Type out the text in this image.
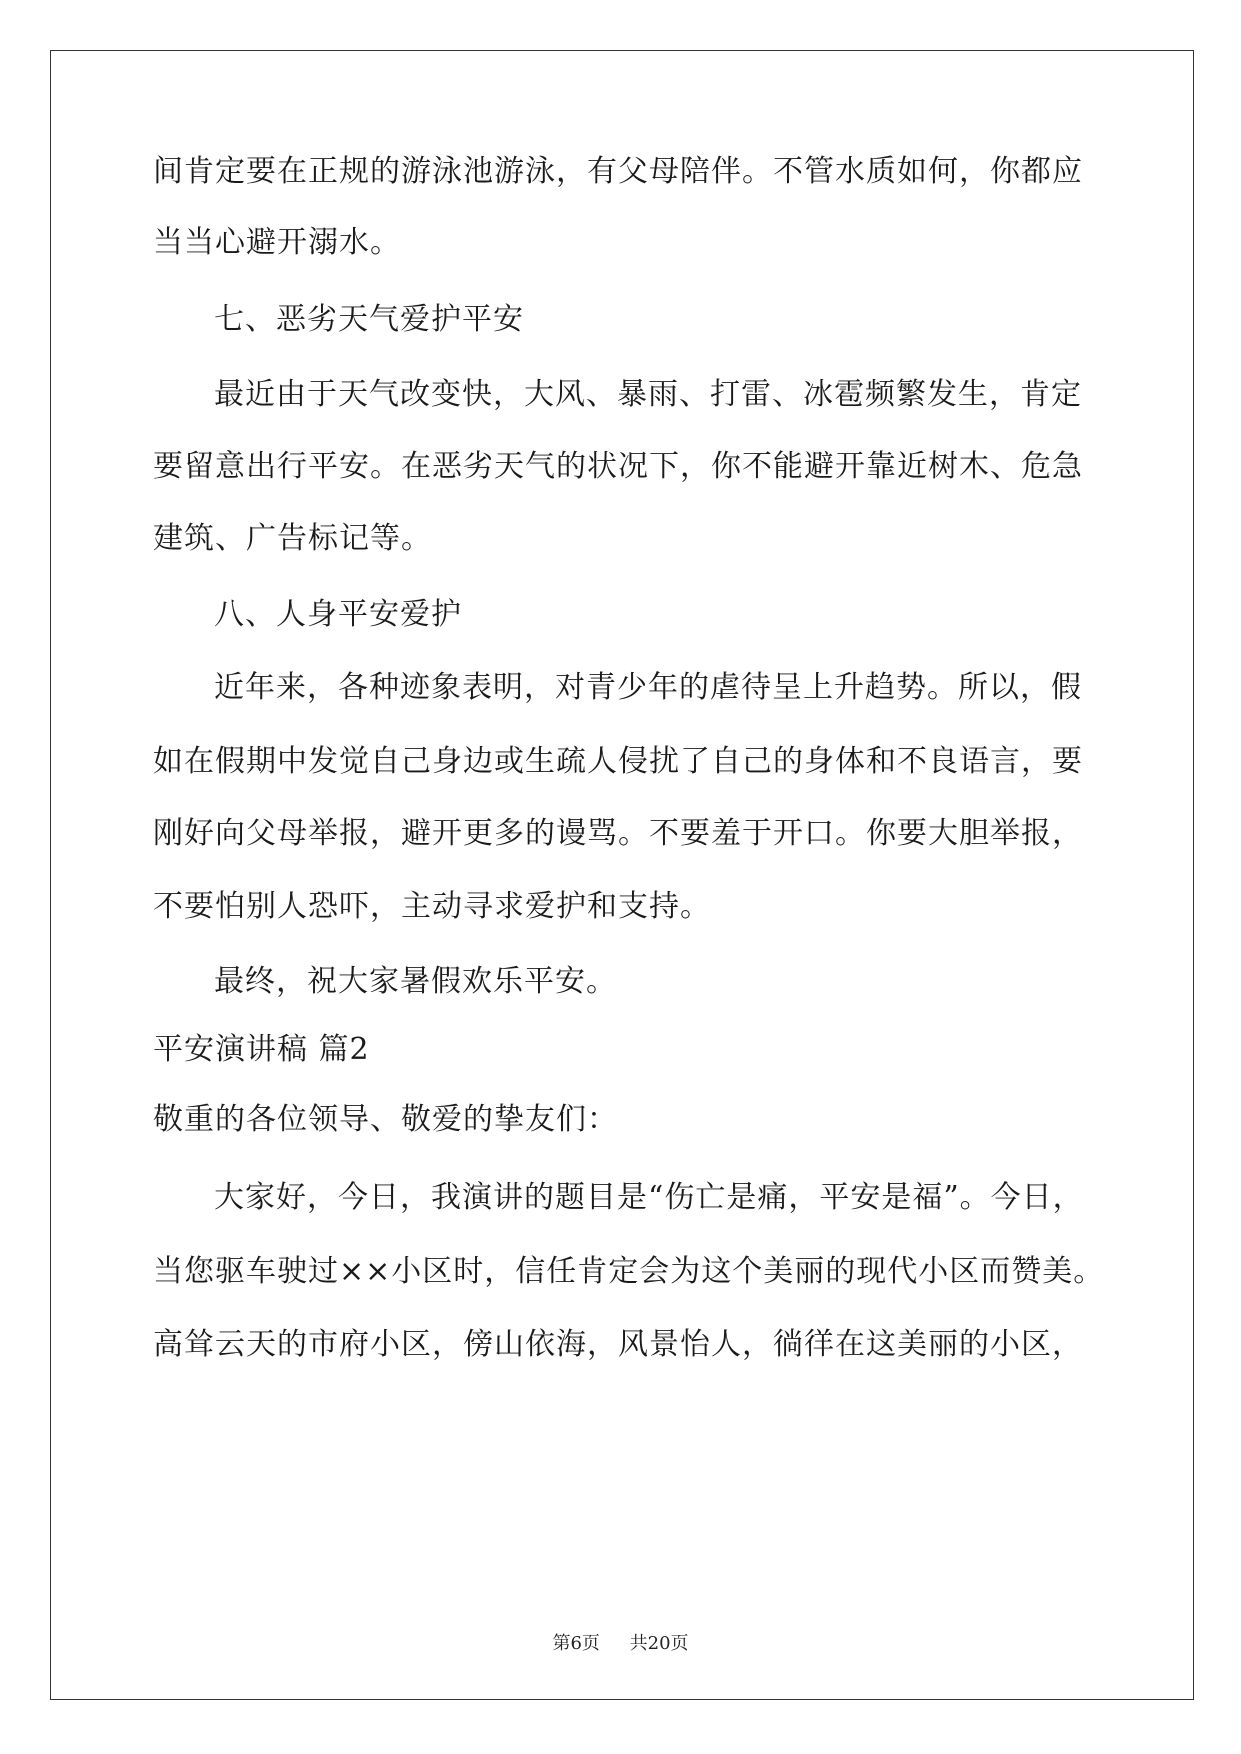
间肯定要在正规的游泳池游泳，有父母陪伴。不管水质如何，你都应
当当心避开溺水。
七、恶劣天气爱护平安
最近由于天气改变快，大风、暴雨、打雷、冰雹频繁发生，肯定
要留意出行平安。在恶劣天气的状况下，你不能避开靠近树木、危急
建筑、广告标记等。
八、人身平安爱护
近年来，各种迹象表明，对青少年的虐待呈上升趋势。所以，假
如在假期中发觉自己身边或生疏人侵扰了自己的身体和不良语言，要
刚好向父母举报，避开更多的谩骂。不要羞于开口。你要大胆举报，
不要怕别人恐吓，主动寻求爱护和支持。
最终，祝大家暑假欢乐平安。
平安演讲稿 篇2
敬重的各位领导、敬爱的挚友们：
大家好，今日，我演讲的题目是“伤亡是痛，平安是福”。今日，
当您驱车驶过××小区时，信任肯定会为这个美丽的现代小区而赞美。
高耸云天的市府小区，傍山依海，风景怡人，徜徉在这美丽的小区，
第6页 共20页
